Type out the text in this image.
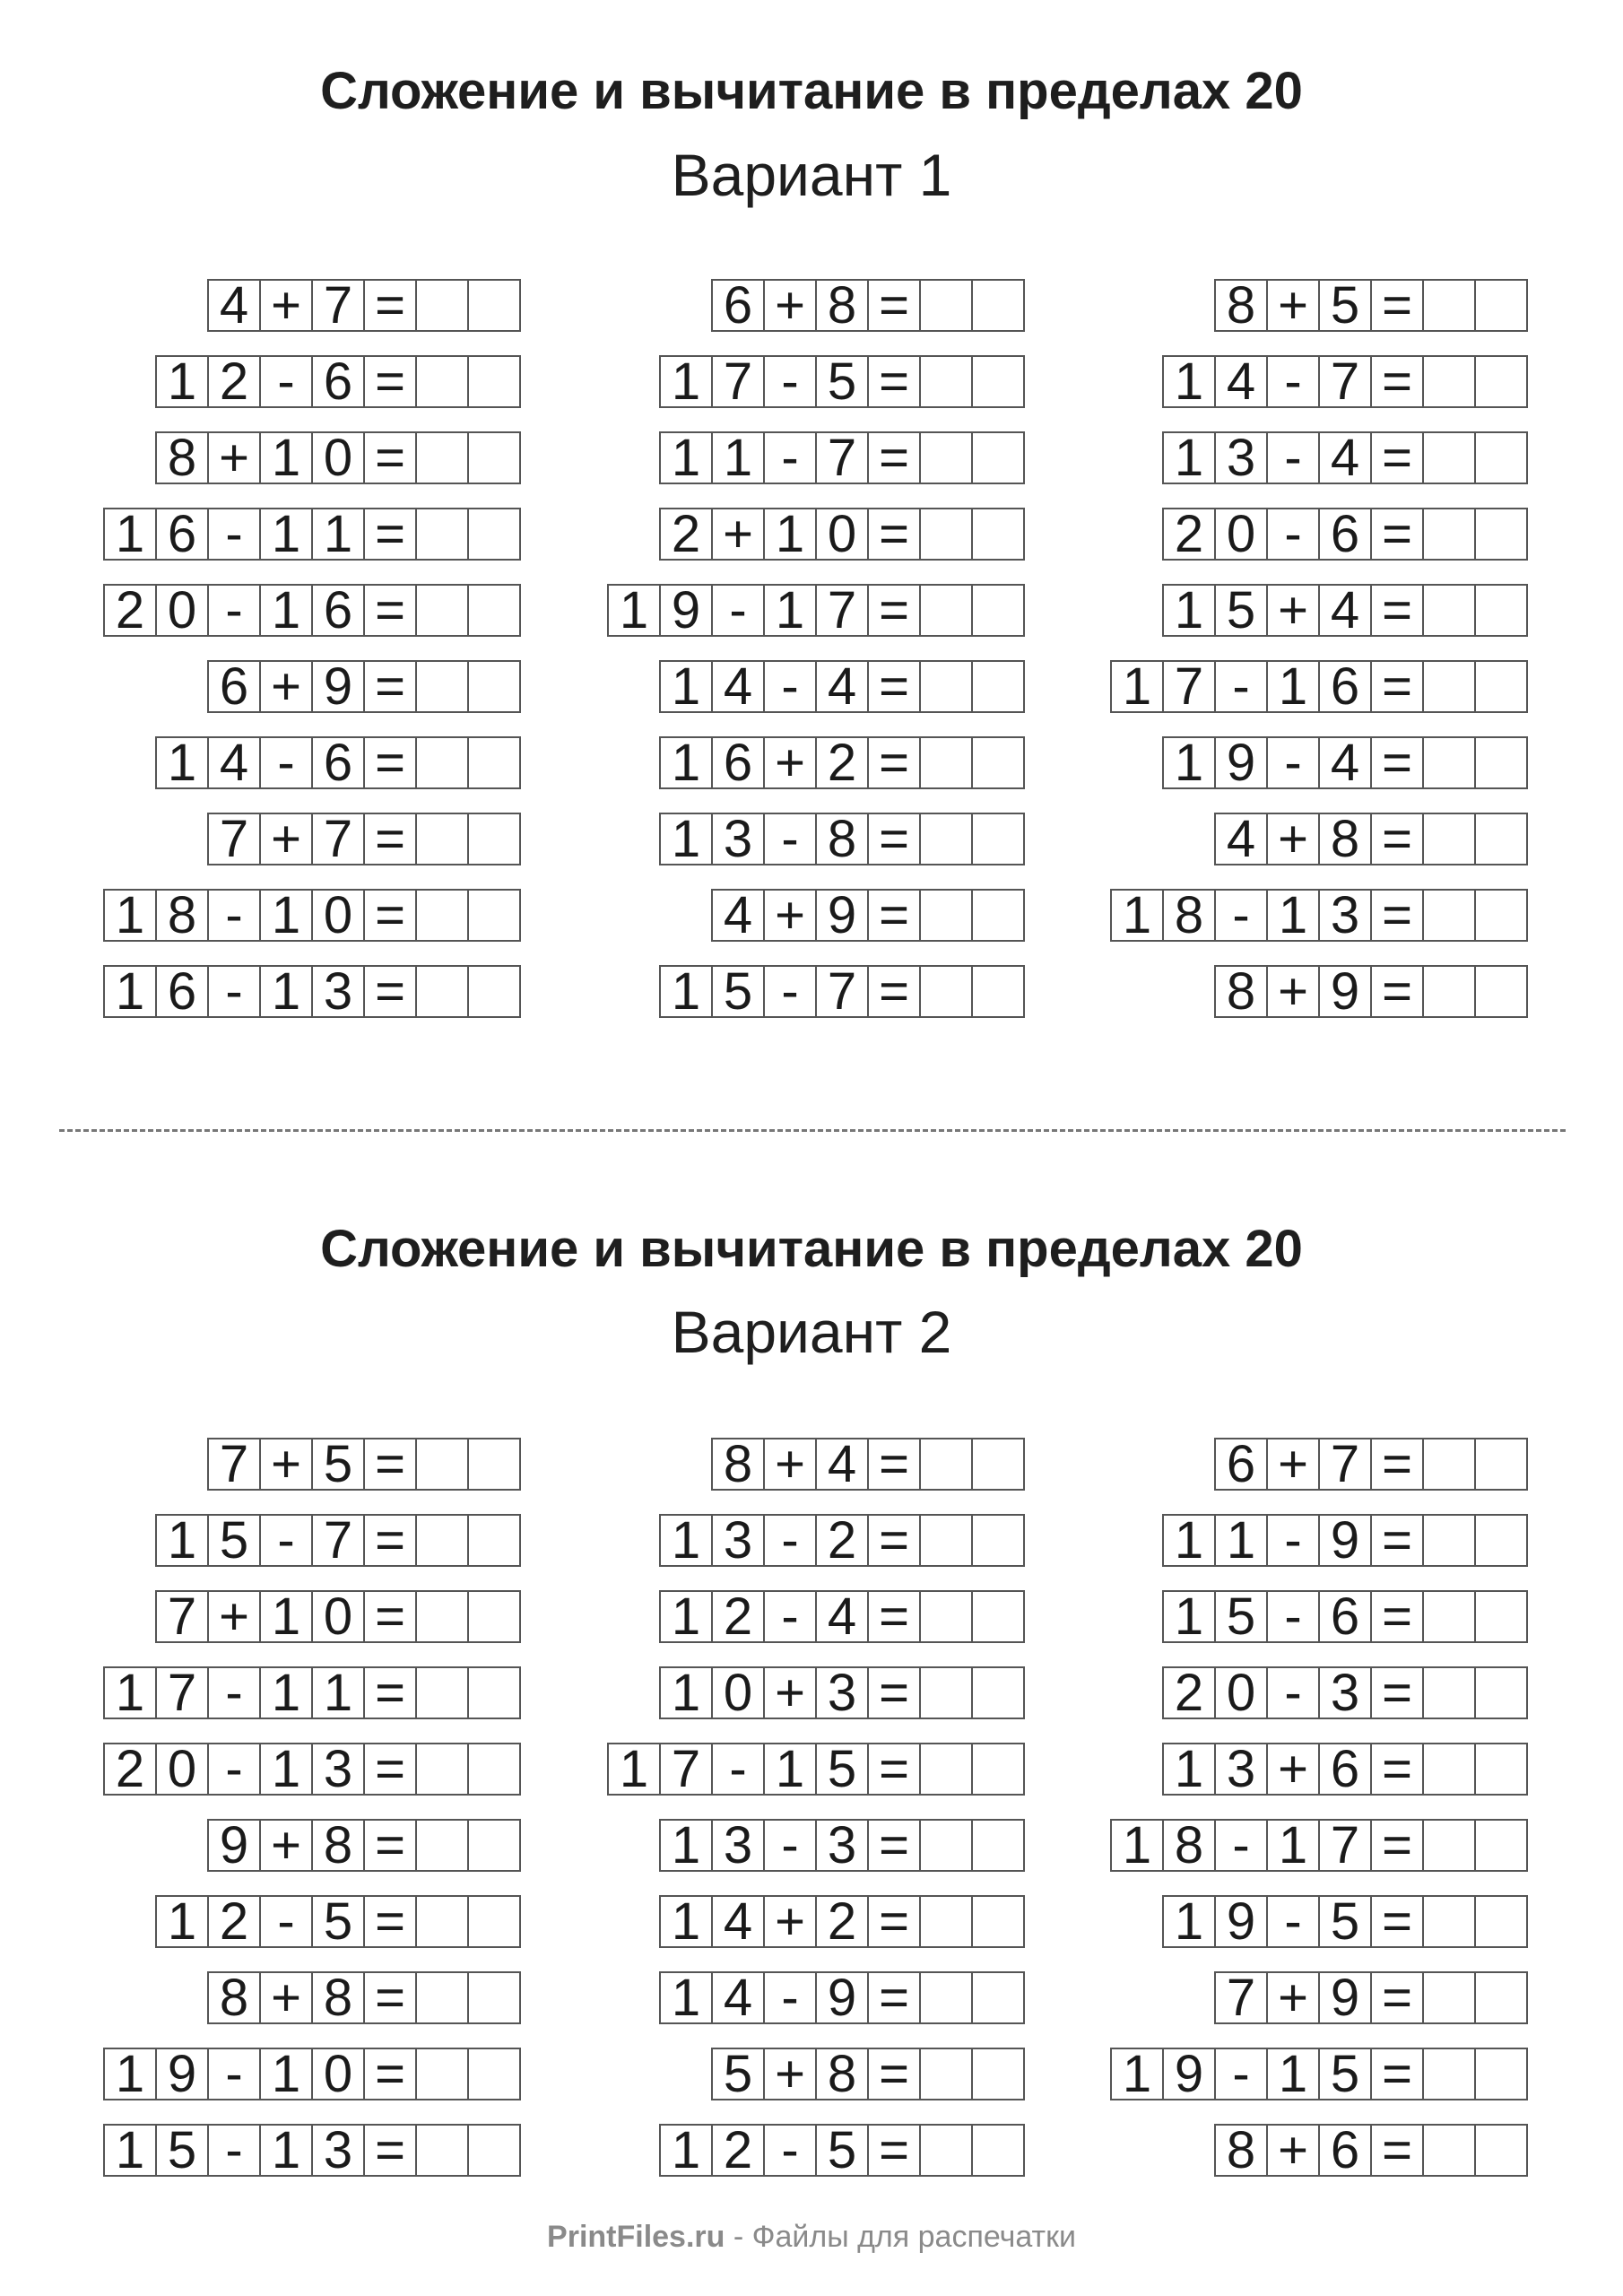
Сложение и вычитание в пределах 20
Вариант 1
Сложение и вычитание в пределах 20
Вариант 2
4 + 7 =
1 2 - 6 =
8 + 1 0 =
1 6 - 1 1 =
2 0 - 1 6 =
6 + 9 =
1 4 - 6 =
7 + 7 =
1 8 - 1 0 =
1 6 - 1 3 =
6 + 8 =
1 7 - 5 =
1 1 - 7 =
2 + 1 0 =
1 9 - 1 7 =
1 4 - 4 =
1 6 + 2 =
1 3 - 8 =
4 + 9 =
1 5 - 7 =
8 + 5 =
1 4 - 7 =
1 3 - 4 =
2 0 - 6 =
1 5 + 4 =
1 7 - 1 6 =
1 9 - 4 =
4 + 8 =
1 8 - 1 3 =
8 + 9 =
7 + 5 =
1 5 - 7 =
7 + 1 0 =
1 7 - 1 1 =
2 0 - 1 3 =
9 + 8 =
1 2 - 5 =
8 + 8 =
1 9 - 1 0 =
1 5 - 1 3 =
8 + 4 =
1 3 - 2 =
1 2 - 4 =
1 0 + 3 =
1 7 - 1 5 =
1 3 - 3 =
1 4 + 2 =
1 4 - 9 =
5 + 8 =
1 2 - 5 =
6 + 7 =
1 1 - 9 =
1 5 - 6 =
2 0 - 3 =
1 3 + 6 =
1 8 - 1 7 =
1 9 - 5 =
7 + 9 =
1 9 - 1 5 =
8 + 6 =
PrintFiles.ru - Файлы для распечатки
